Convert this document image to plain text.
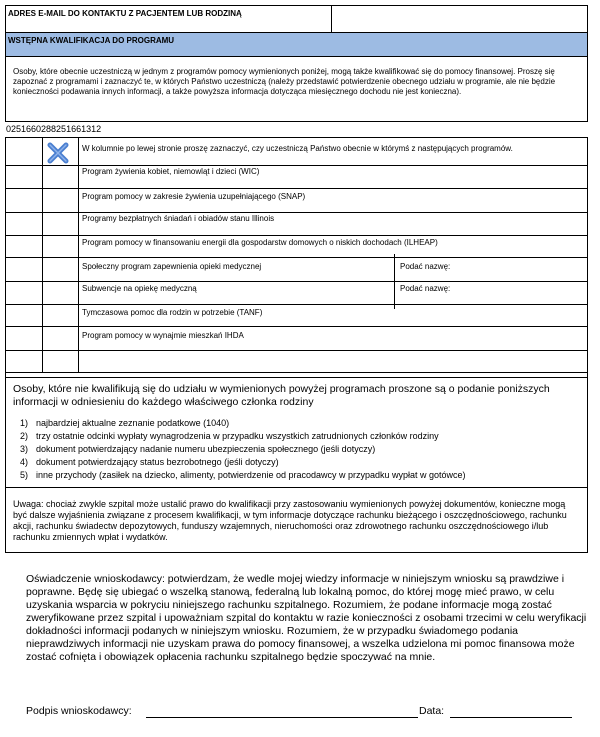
ADRES E-MAIL DO KONTAKTU Z PACJENTEM LUB RODZINĄ
WSTĘPNA KWALIFIKACJA DO PROGRAMU
Osoby, które obecnie uczestniczą w jednym z programów pomocy wymienionych poniżej, mogą także kwalifikować się do pomocy finansowej. Proszę się zapoznać z programami i zaznaczyć te, w których Państwo uczestniczą (należy przedstawić potwierdzenie obecnego udziału w programie, ale nie będzie konieczności podawania innych informacji, a także powyższa informacja dotycząca miesięcznego dochodu nie jest konieczna).
0251660288251661312
W kolumnie po lewej stronie proszę zaznaczyć, czy uczestniczą Państwo obecnie w którymś z następujących programów.
Program żywienia kobiet, niemowląt i dzieci (WIC)
Program pomocy w zakresie żywienia uzupełniającego (SNAP)
Programy bezpłatnych śniadań i obiadów stanu Illinois
Program pomocy w finansowaniu energii dla gospodarstw domowych o niskich dochodach (ILHEAP)
Społeczny program zapewnienia opieki medycznej	Podać nazwę:
Subwencje na opiekę medyczną	Podać nazwę:
Tymczasowa pomoc dla rodzin w potrzebie (TANF)
Program pomocy w wynajmie mieszkań IHDA
Osoby, które nie kwalifikują się do udziału w wymienionych powyżej programach proszone są o podanie poniższych informacji w odniesieniu do każdego właściwego członka rodziny
1) najbardziej aktualne zeznanie podatkowe (1040)
2) trzy ostatnie odcinki wypłaty wynagrodzenia w przypadku wszystkich zatrudnionych członków rodziny
3) dokument potwierdzający nadanie numeru ubezpieczenia społecznego (jeśli dotyczy)
4) dokument potwierdzający status bezrobotnego (jeśli dotyczy)
5) inne przychody (zasiłek na dziecko, alimenty, potwierdzenie od pracodawcy w przypadku wypłat w gotówce)
Uwaga: chociaż zwykle szpital może ustalić prawo do kwalifikacji przy zastosowaniu wymienionych powyżej dokumentów, konieczne mogą być dalsze wyjaśnienia związane z procesem kwalifikacji, w tym informacje dotyczące rachunku bieżącego i oszczędnościowego, rachunku akcji, rachunku świadectw depozytowych, funduszy wzajemnych, nieruchomości oraz zdrowotnego rachunku oszczędnościowego i/lub rachunku zmiennych wpłat i wydatków.
Oświadczenie wnioskodawcy: potwierdzam, że wedle mojej wiedzy informacje w niniejszym wniosku są prawdziwe i poprawne. Będę się ubiegać o wszelką stanową, federalną lub lokalną pomoc, do której mogę mieć prawo, w celu uzyskania wsparcia w pokryciu niniejszego rachunku szpitalnego. Rozumiem, że podane informacje mogą zostać zweryfikowane przez szpital i upoważniam szpital do kontaktu w razie konieczności z osobami trzecimi w celu weryfikacji dokładności informacji podanych w niniejszym wniosku. Rozumiem, że w przypadku świadomego podania nieprawdziwych informacji nie uzyskam prawa do pomocy finansowej, a wszelka udzielona mi pomoc finansowa może zostać cofnięta i obowiązek opłacenia rachunku szpitalnego będzie spoczywać na mnie.
Podpis wnioskodawcy:	Data:
